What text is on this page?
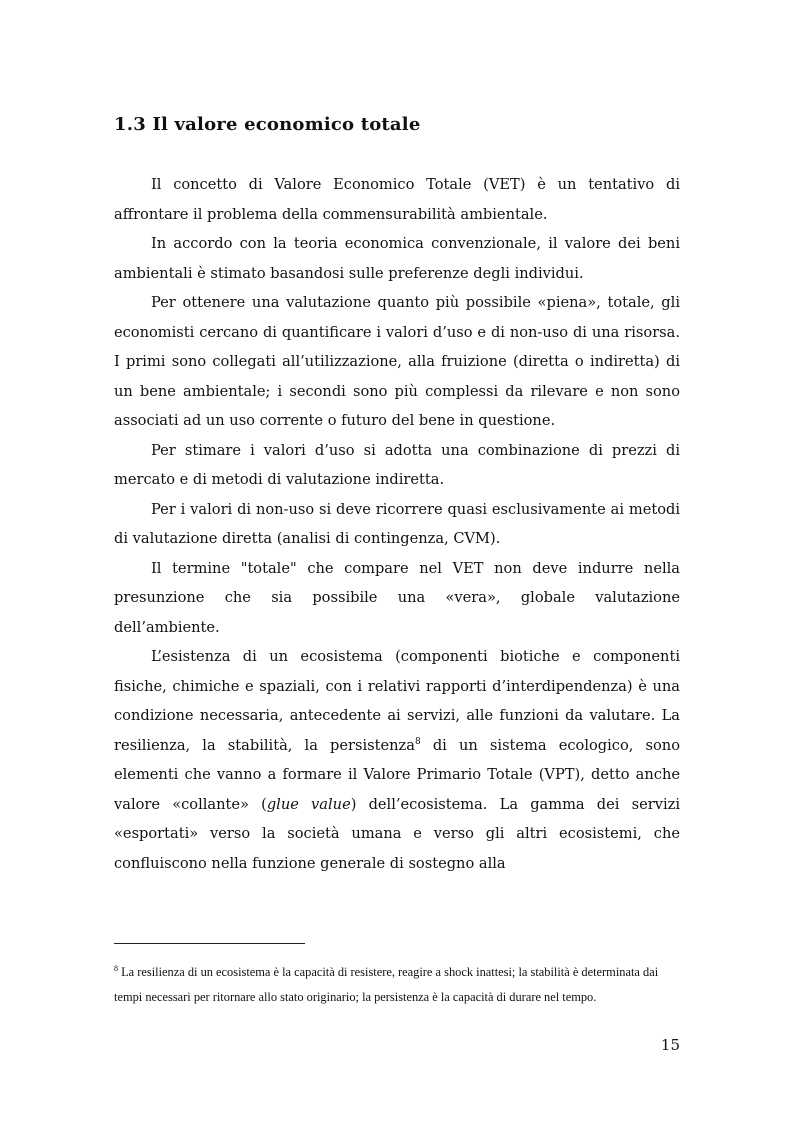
1.3 Il valore economico totale

Il concetto di Valore Economico Totale (VET) è un tentativo di affrontare il problema della commensurabilità ambientale.

In accordo con la teoria economica convenzionale, il valore dei beni ambientali è stimato basandosi sulle preferenze degli individui.

Per ottenere una valutazione quanto più possibile «piena», totale, gli economisti cercano di quantificare i valori d’uso e di non-uso di una risorsa. I primi sono collegati all’utilizzazione, alla fruizione (diretta o indiretta) di un bene ambientale; i secondi sono più complessi da rilevare e non sono associati ad un uso corrente o futuro del bene in questione.

Per stimare i valori d’uso si adotta una combinazione di prezzi di mercato e di metodi di valutazione indiretta.

Per i valori di non-uso si deve ricorrere quasi esclusivamente ai metodi di valutazione diretta (analisi di contingenza, CVM).

Il termine "totale" che compare nel VET non deve indurre nella presunzione che sia possibile una «vera», globale valutazione dell’ambiente.

L’esistenza di un ecosistema (componenti biotiche e componenti fisiche, chimiche e spaziali, con i relativi rapporti d’interdipendenza) è una condizione necessaria, antecedente ai servizi, alle funzioni da valutare. La resilienza, la stabilità, la persistenza$^8$ di un sistema ecologico, sono elementi che vanno a formare il Valore Primario Totale (VPT), detto anche valore «collante» (glue value) dell’ecosistema. La gamma dei servizi «esportati» verso la società umana e verso gli altri ecosistemi, che confluiscono nella funzione generale di sostegno alla

$^8$ La resilienza di un ecosistema è la capacità di resistere, reagire a shock inattesi; la stabilità è determinata dai tempi necessari per ritornare allo stato originario; la persistenza è la capacità di durare nel tempo.

15
